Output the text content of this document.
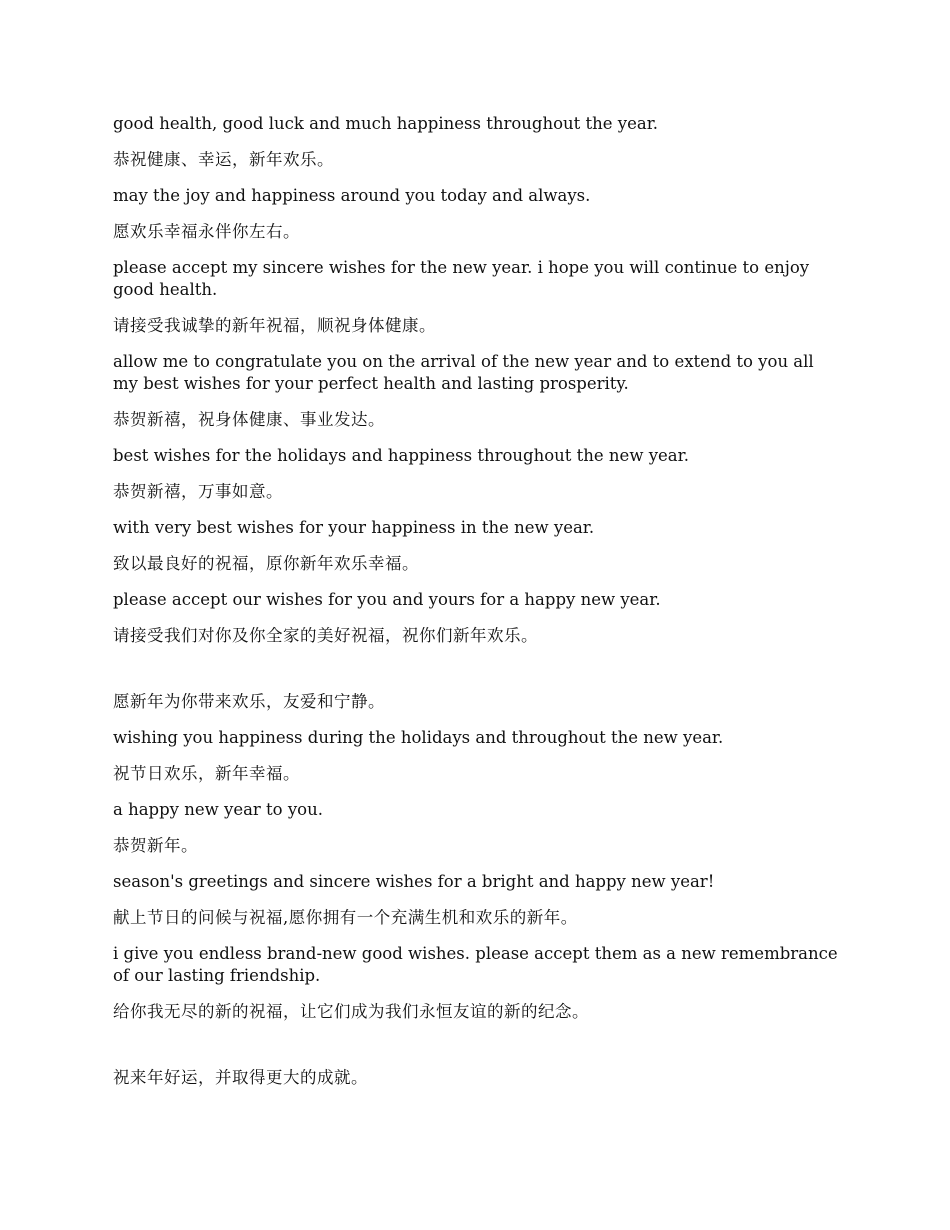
good health, good luck and much happiness throughout the year.

恭祝健康、幸运，新年欢乐。

may the joy and happiness around you today and always.

愿欢乐幸福永伴你左右。

please accept my sincere wishes for the new year. i hope you will continue to enjoy good health.

请接受我诚挚的新年祝福，顺祝身体健康。

allow me to congratulate you on the arrival of the new year and to extend to you all my best wishes for your perfect health and lasting prosperity.

恭贺新禧，祝身体健康、事业发达。

best wishes for the holidays and happiness throughout the new year.

恭贺新禧，万事如意。

with very best wishes for your happiness in the new year.

致以最良好的祝福，原你新年欢乐幸福。

please accept our wishes for you and yours for a happy new year.

请接受我们对你及你全家的美好祝福，祝你们新年欢乐。

愿新年为你带来欢乐，友爱和宁静。

wishing you happiness during the holidays and throughout the new year.

祝节日欢乐，新年幸福。

a happy new year to you.

恭贺新年。

season's greetings and sincere wishes for a bright and happy new year!

献上节日的问候与祝福,愿你拥有一个充满生机和欢乐的新年。

i give you endless brand-new good wishes. please accept them as a new remembrance of our lasting friendship.

给你我无尽的新的祝福，让它们成为我们永恒友谊的新的纪念。

祝来年好运，并取得更大的成就。
